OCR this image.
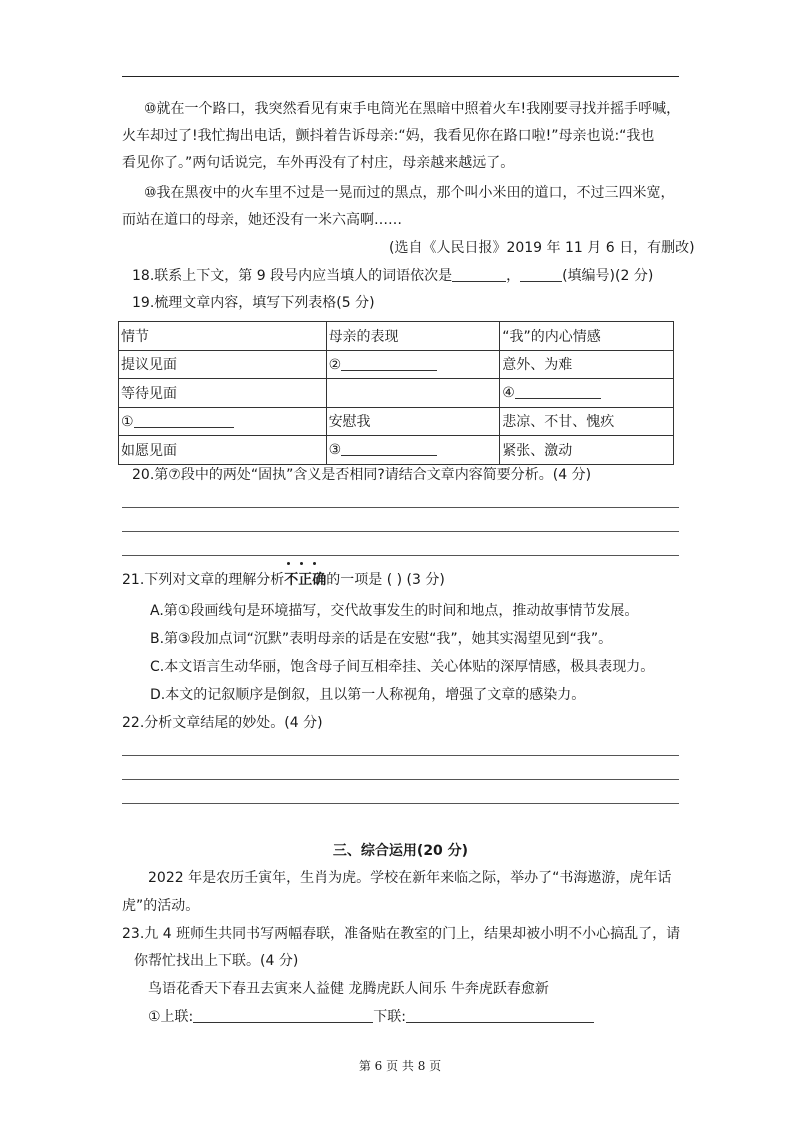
⑩就在一个路口，我突然看见有束手电筒光在黑暗中照着火车!我刚要寻找并摇手呼喊，
火车却过了!我忙掏出电话，颤抖着告诉母亲:“妈，我看见你在路口啦!”母亲也说:“我也
看见你了。”两句话说完，车外再没有了村庄，母亲越来越远了。
⑩我在黑夜中的火车里不过是一晃而过的黑点，那个叫小米田的道口，不过三四米宽，
而站在道口的母亲，她还没有一米六高啊……
(选自《人民日报》2019 年 11 月 6 日，有删改)
18.联系上下文，第 9 段号内应当填人的词语依次是	，	(填编号)(2 分)
19.梳理文章内容，填写下列表格(5 分)
情节	母亲的表现	“我”的内心情感
提议见面	②	意外、为难
等待见面		④
①	安慰我	悲凉、不甘、愧疚
如愿见面	③	紧张、激动
20.第⑦段中的两处“固执”含义是否相同?请结合文章内容简要分析。(4 分)
21.下列对文章的理解分析不正确的一项是 ( ) (3 分)
A.第①段画线句是环境描写，交代故事发生的时间和地点，推动故事情节发展。
B.第③段加点词“沉默”表明母亲的话是在安慰“我”，她其实渴望见到“我”。
C.本文语言生动华丽，饱含母子间互相牵挂、关心体贴的深厚情感，极具表现力。
D.本文的记叙顺序是倒叙，且以第一人称视角，增强了文章的感染力。
22.分析文章结尾的妙处。(4 分)
三、综合运用(20 分)
2022 年是农历壬寅年，生肖为虎。学校在新年来临之际，举办了“书海遨游，虎年话
虎”的活动。
23.九 4 班师生共同书写两幅春联，准备贴在教室的门上，结果却被小明不小心搞乱了，请
你帮忙找出上下联。(4 分)
鸟语花香天下春丑去寅来人益健 龙腾虎跃人间乐 牛奔虎跃春愈新
①上联:	下联:
第 6 页 共 8 页
